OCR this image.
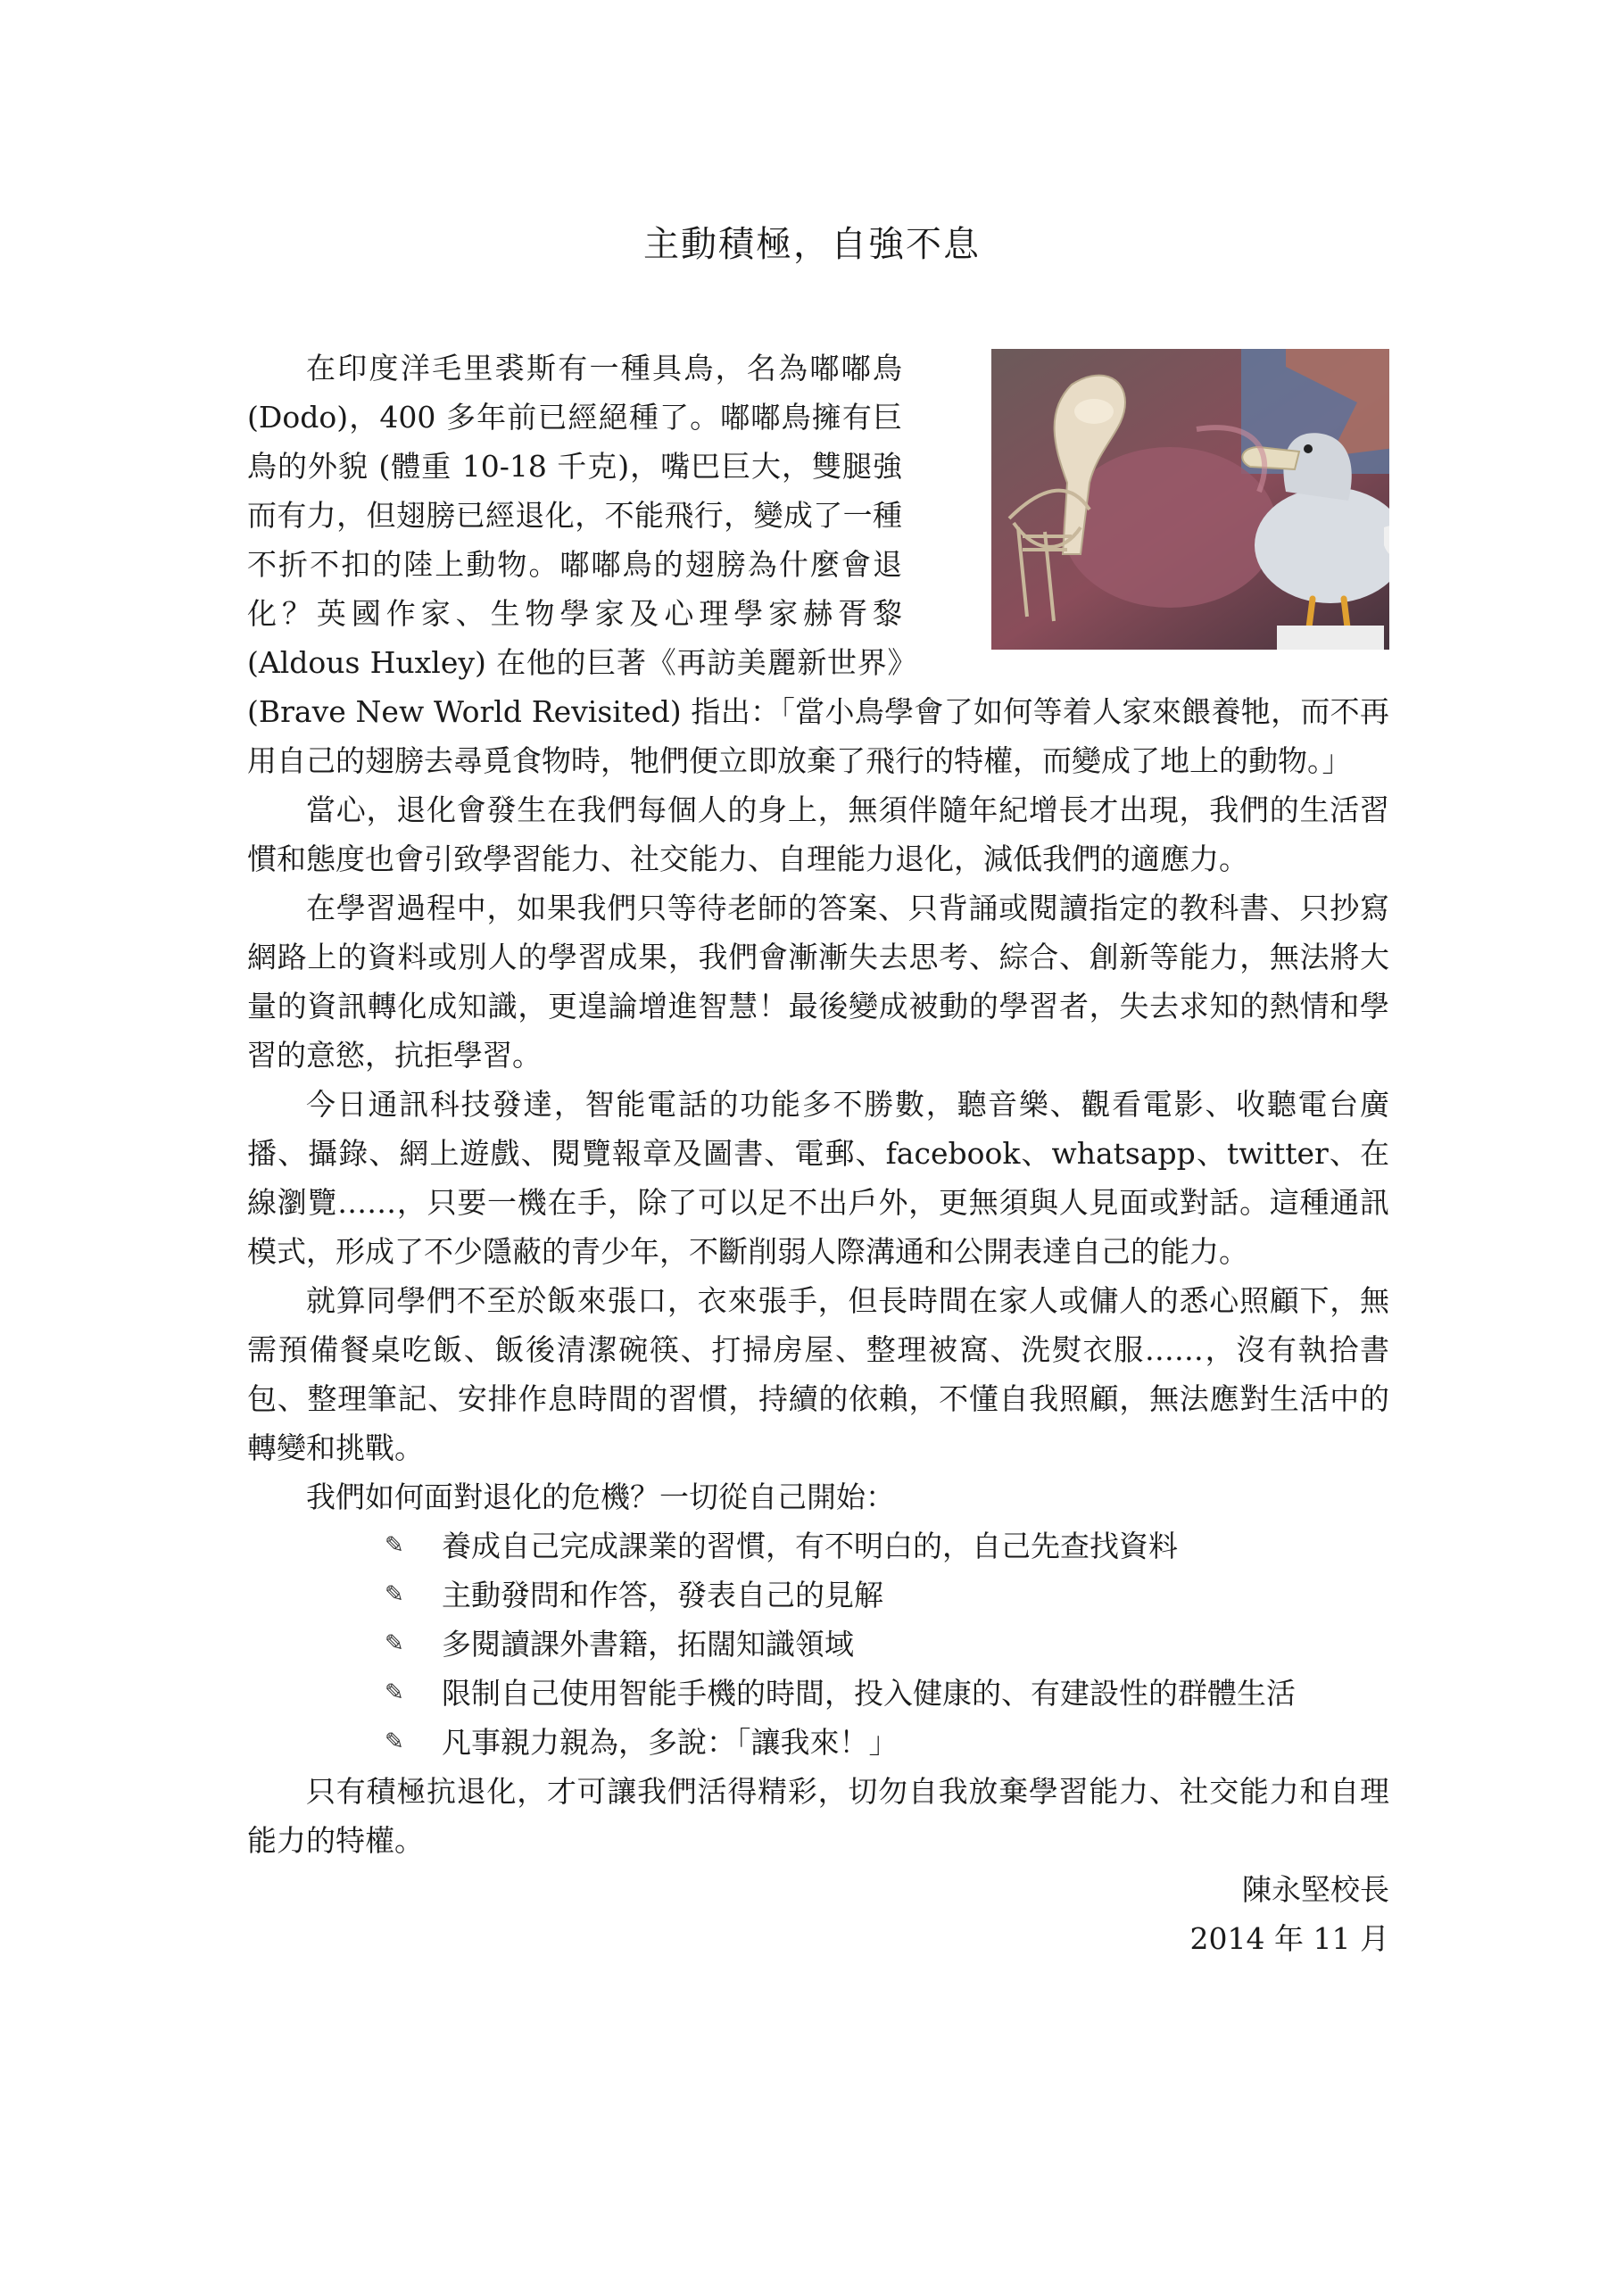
主動積極，自強不息

在印度洋毛里裘斯有一種具鳥，名為嘟嘟鳥 (Dodo)，400 多年前已經絕種了。嘟嘟鳥擁有巨鳥的外貌 (體重 10-18 千克)，嘴巴巨大，雙腿強而有力，但翅膀已經退化，不能飛行，變成了一種不折不扣的陸上動物。嘟嘟鳥的翅膀為什麼會退化？英國作家、生物學家及心理學家赫胥黎 (Aldous Huxley) 在他的巨著《再訪美麗新世界》(Brave New World Revisited) 指出：「當小鳥學會了如何等着人家來餵養牠，而不再用自己的翅膀去尋覓食物時，牠們便立即放棄了飛行的特權，而變成了地上的動物。」

當心，退化會發生在我們每個人的身上，無須伴隨年紀增長才出現，我們的生活習慣和態度也會引致學習能力、社交能力、自理能力退化，減低我們的適應力。

在學習過程中，如果我們只等待老師的答案、只背誦或閱讀指定的教科書、只抄寫網路上的資料或別人的學習成果，我們會漸漸失去思考、綜合、創新等能力，無法將大量的資訊轉化成知識，更遑論增進智慧！最後變成被動的學習者，失去求知的熱情和學習的意慾，抗拒學習。

今日通訊科技發達，智能電話的功能多不勝數，聽音樂、觀看電影、收聽電台廣播、攝錄、網上遊戲、閱覽報章及圖書、電郵、facebook、whatsapp、twitter、在線瀏覽……，只要一機在手，除了可以足不出戶外，更無須與人見面或對話。這種通訊模式，形成了不少隱蔽的青少年，不斷削弱人際溝通和公開表達自己的能力。

就算同學們不至於飯來張口，衣來張手，但長時間在家人或傭人的悉心照顧下，無需預備餐桌吃飯、飯後清潔碗筷、打掃房屋、整理被窩、洗熨衣服……，沒有執拾書包、整理筆記、安排作息時間的習慣，持續的依賴，不懂自我照顧，無法應對生活中的轉變和挑戰。

我們如何面對退化的危機？一切從自己開始：

✎ 養成自己完成課業的習慣，有不明白的，自己先查找資料
✎ 主動發問和作答，發表自己的見解
✎ 多閱讀課外書籍，拓闊知識領域
✎ 限制自己使用智能手機的時間，投入健康的、有建設性的群體生活
✎ 凡事親力親為，多說：「讓我來！」

只有積極抗退化，才可讓我們活得精彩，切勿自我放棄學習能力、社交能力和自理能力的特權。

陳永堅校長

2014 年 11 月
